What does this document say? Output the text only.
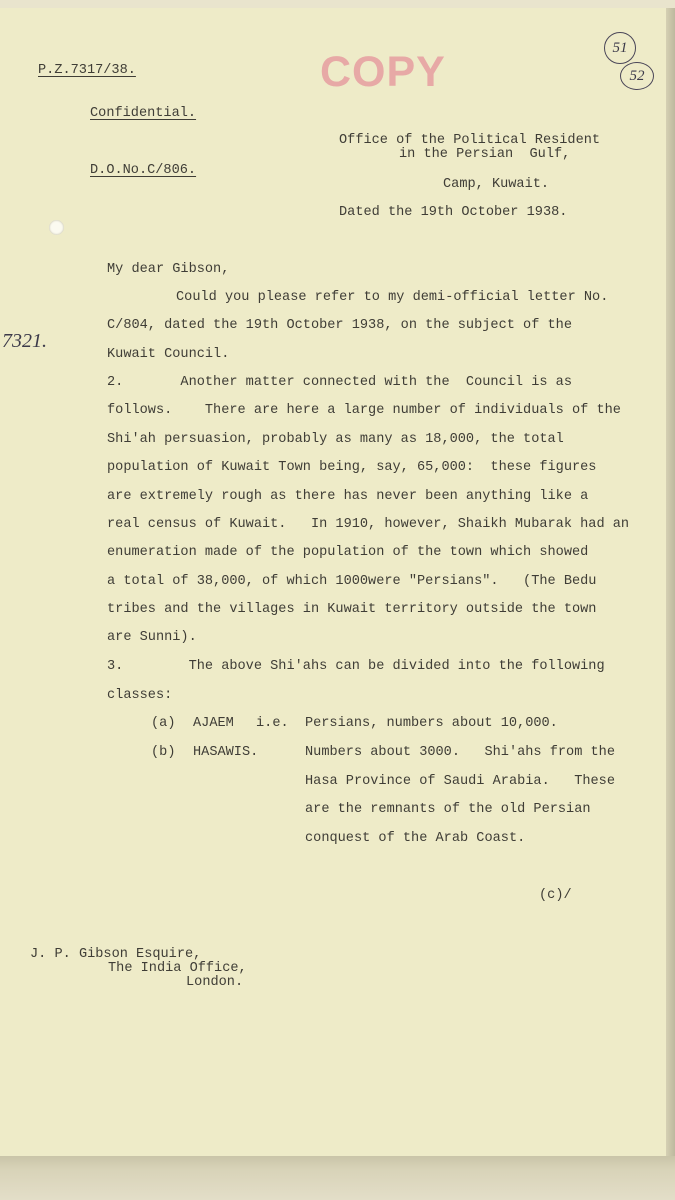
P.Z.7317/38.	COPY
51
52
Confidential.
Office of the Political Resident
in the Persian  Gulf,
D.O.No.C/806.
Camp, Kuwait.
Dated the 19th October 1938.
7321.
My dear Gibson,
Could you please refer to my demi-official letter No.
C/804, dated the 19th October 1938, on the subject of the
Kuwait Council.
2.       Another matter connected with the  Council is as
follows.    There are here a large number of individuals of the
Shi'ah persuasion, probably as many as 18,000, the total
population of Kuwait Town being, say, 65,000:  these figures
are extremely rough as there has never been anything like a
real census of Kuwait.   In 1910, however, Shaikh Mubarak had an
enumeration made of the population of the town which showed
a total of 38,000, of which 1000were "Persians".   (The Bedu
tribes and the villages in Kuwait territory outside the town
are Sunni).
3.        The above Shi'ahs can be divided into the following
classes:
(a) AJAEM i.e.  Persians, numbers about 10,000.
(b) HASAWIS.	Numbers about 3000.   Shi'ahs from the
Hasa Province of Saudi Arabia.   These
are the remnants of the old Persian
conquest of the Arab Coast.
(c)/
J. P. Gibson Esquire,
The India Office,
London.
